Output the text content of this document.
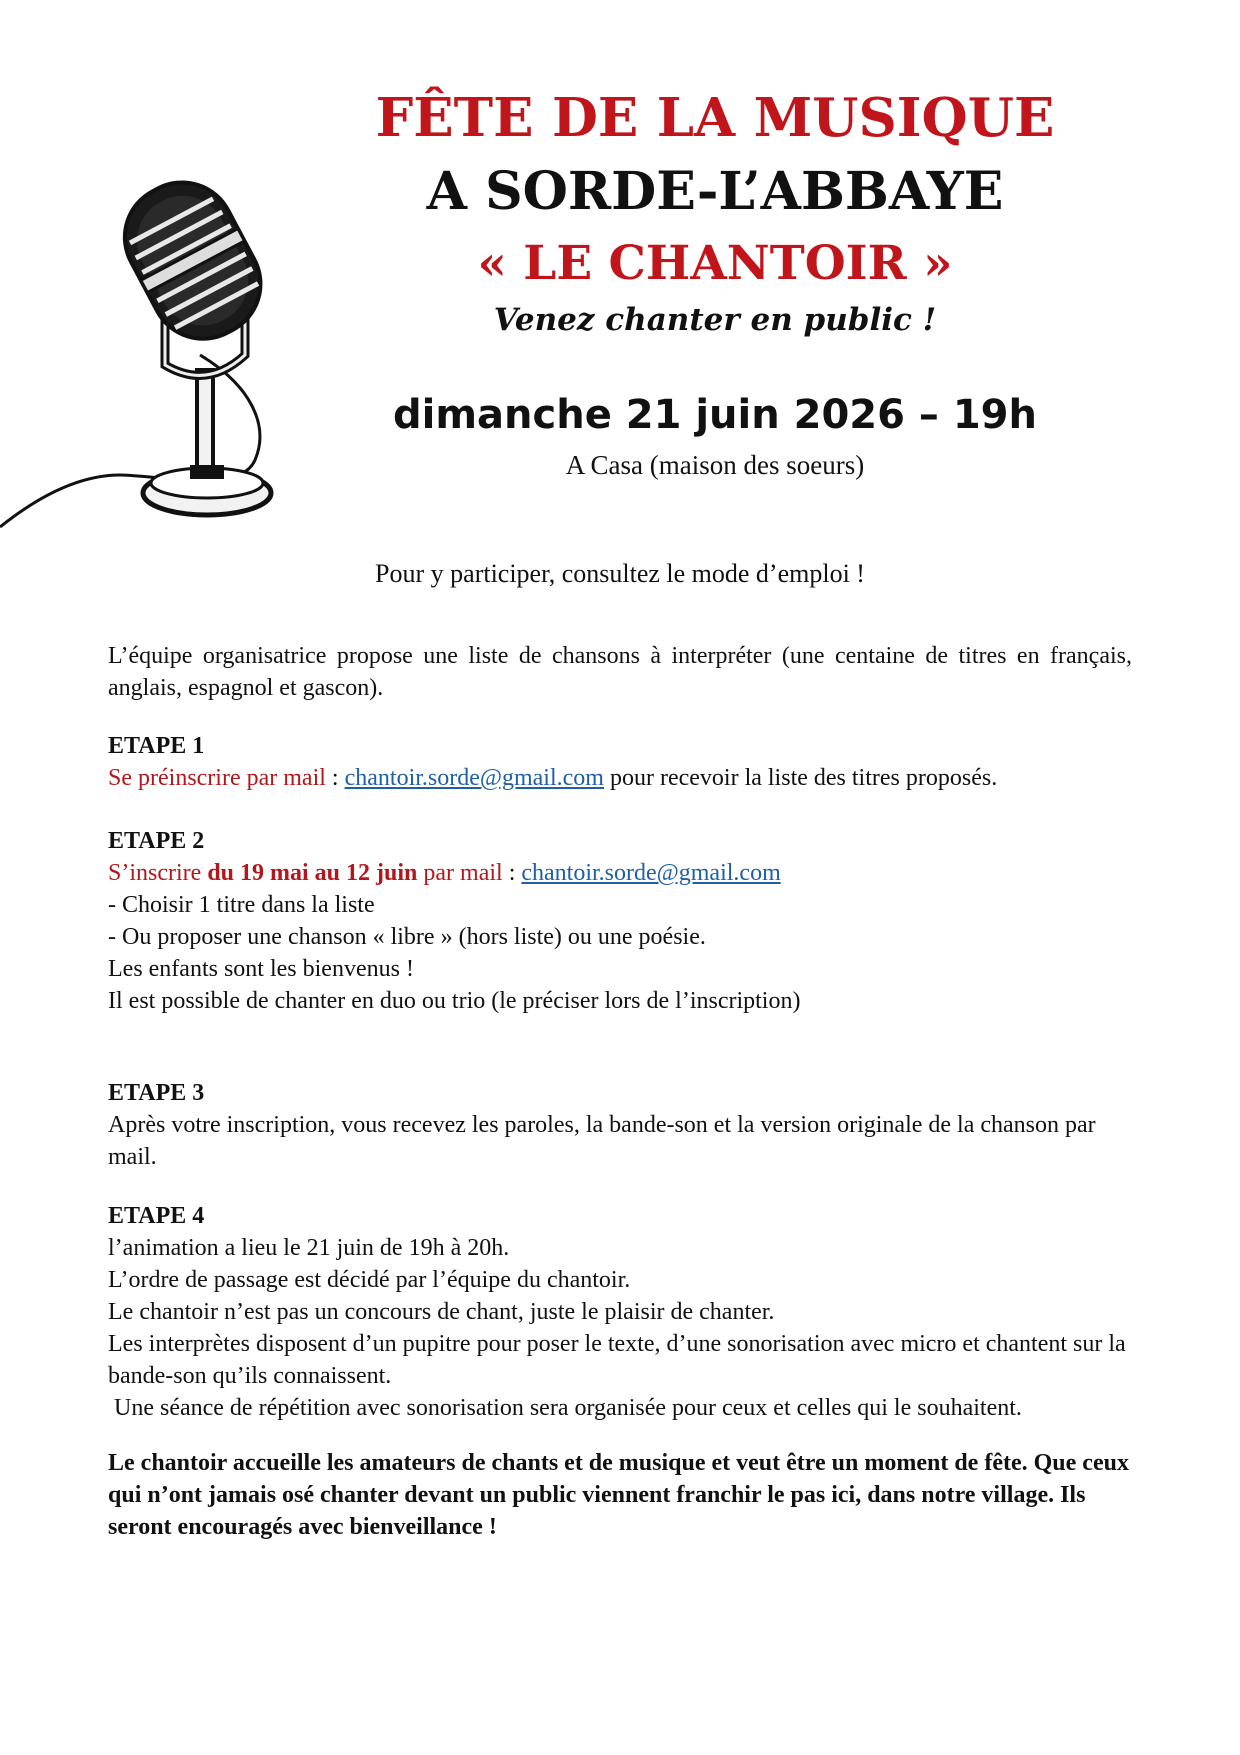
FÊTE DE LA MUSIQUE
A SORDE-L’ABBAYE
« LE CHANTOIR »
Venez chanter en public !
dimanche 21 juin 2026 – 19h
A Casa (maison des soeurs)
Pour y participer, consultez le mode d’emploi !
L’équipe organisatrice propose une liste de chansons à interpréter (une centaine de titres en français, anglais, espagnol et gascon).

ETAPE 1

Se préinscrire par mail : chantoir.sorde@gmail.com pour recevoir la liste des titres proposés.

ETAPE 2

S’inscrire du 19 mai au 12 juin par mail : chantoir.sorde@gmail.com

- Choisir 1 titre dans la liste

- Ou proposer une chanson « libre » (hors liste) ou une poésie.

Les enfants sont les bienvenus !

Il est possible de chanter en duo ou trio (le préciser lors de l’inscription)

ETAPE 3

Après votre inscription, vous recevez les paroles, la bande-son et la version originale de la chanson par mail.

ETAPE 4

l’animation a lieu le 21 juin de 19h à 20h.

L’ordre de passage est décidé par l’équipe du chantoir.

Le chantoir n’est pas un concours de chant, juste le plaisir de chanter.

Les interprètes disposent d’un pupitre pour poser le texte, d’une sonorisation avec micro et chantent sur la bande-son qu’ils connaissent.

Une séance de répétition avec sonorisation sera organisée pour ceux et celles qui le souhaitent.

Le chantoir accueille les amateurs de chants et de musique et veut être un moment de fête. Que ceux qui n’ont jamais osé chanter devant un public viennent franchir le pas ici, dans notre village. Ils seront encouragés avec bienveillance !
